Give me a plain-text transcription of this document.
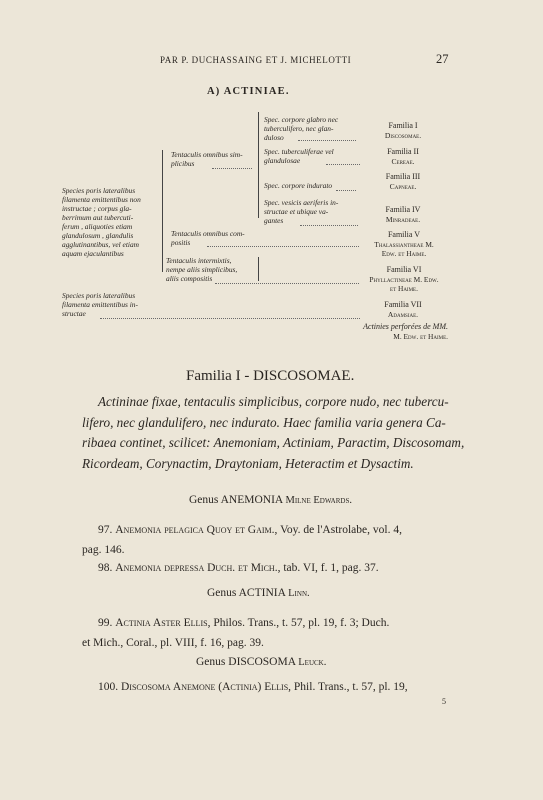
PAR P. DUCHASSAING ET J. MICHELOTTI	27
A) ACTINIAE.
Species poris lateralibus
filamenta emittentibus non
instructae ; corpus gla-
berrimum aut tubercuti-
ferum , aliquoties etiam
glandulosum , glandulis
agglutinantibus, vel etiam
aquam ejaculantibus
Species poris lateralibus
filamenta emittentibus in-
structae
Tentaculis omnibus sim-
plicibus
Tentaculis omnibus com-
positis
Tentaculis intermixtis,
nempe aliis simplicibus,
aliis compositis
Spec. corpore glabro nec
tuberculifero, nec glan-
duloso
Spec. tuberculiferae vel
glandulosae
Spec. corpore indurato
Spec. vesicis aeriferis in-
structae et ubique va-
gantes
Familia I
Discosomae.
Familia II
Cereae.
Familia III
Capneae.
Familia IV
Minradeae.
Familia V
Thalassiantheae M.
Edw. et Haime.
Familia VI
Phyllactineae M. Edw.
et Haime.
Familia VII
Adamsiae.
Actinies perforées de MM.
M. Edw. et Haime.
Familia I - DISCOSOMAE.
Actininae fixae, tentaculis simplicibus, corpore nudo, nec tubercu-
lifero, nec glandulifero, nec indurato. Haec familia varia genera Ca-
ribaea continet, scilicet: Anemoniam, Actiniam, Paractim, Discosomam,
Ricordeam, Corynactim, Draytoniam, Heteractim et Dysactim.
Genus ANEMONIA Milne Edwards.
97. Anemonia pelagica Quoy et Gaim., Voy. de l'Astrolabe, vol. 4,
pag. 146.
98. Anemonia depressa Duch. et Mich., tab. VI, f. 1, pag. 37.
Genus ACTINIA Linn.
99. Actinia Aster Ellis, Philos. Trans., t. 57, pl. 19, f. 3; Duch.
et Mich., Coral., pl. VIII, f. 16, pag. 39.
Genus DISCOSOMA Leuck.
100. Discosoma Anemone (Actinia) Ellis, Phil. Trans., t. 57, pl. 19,
5
